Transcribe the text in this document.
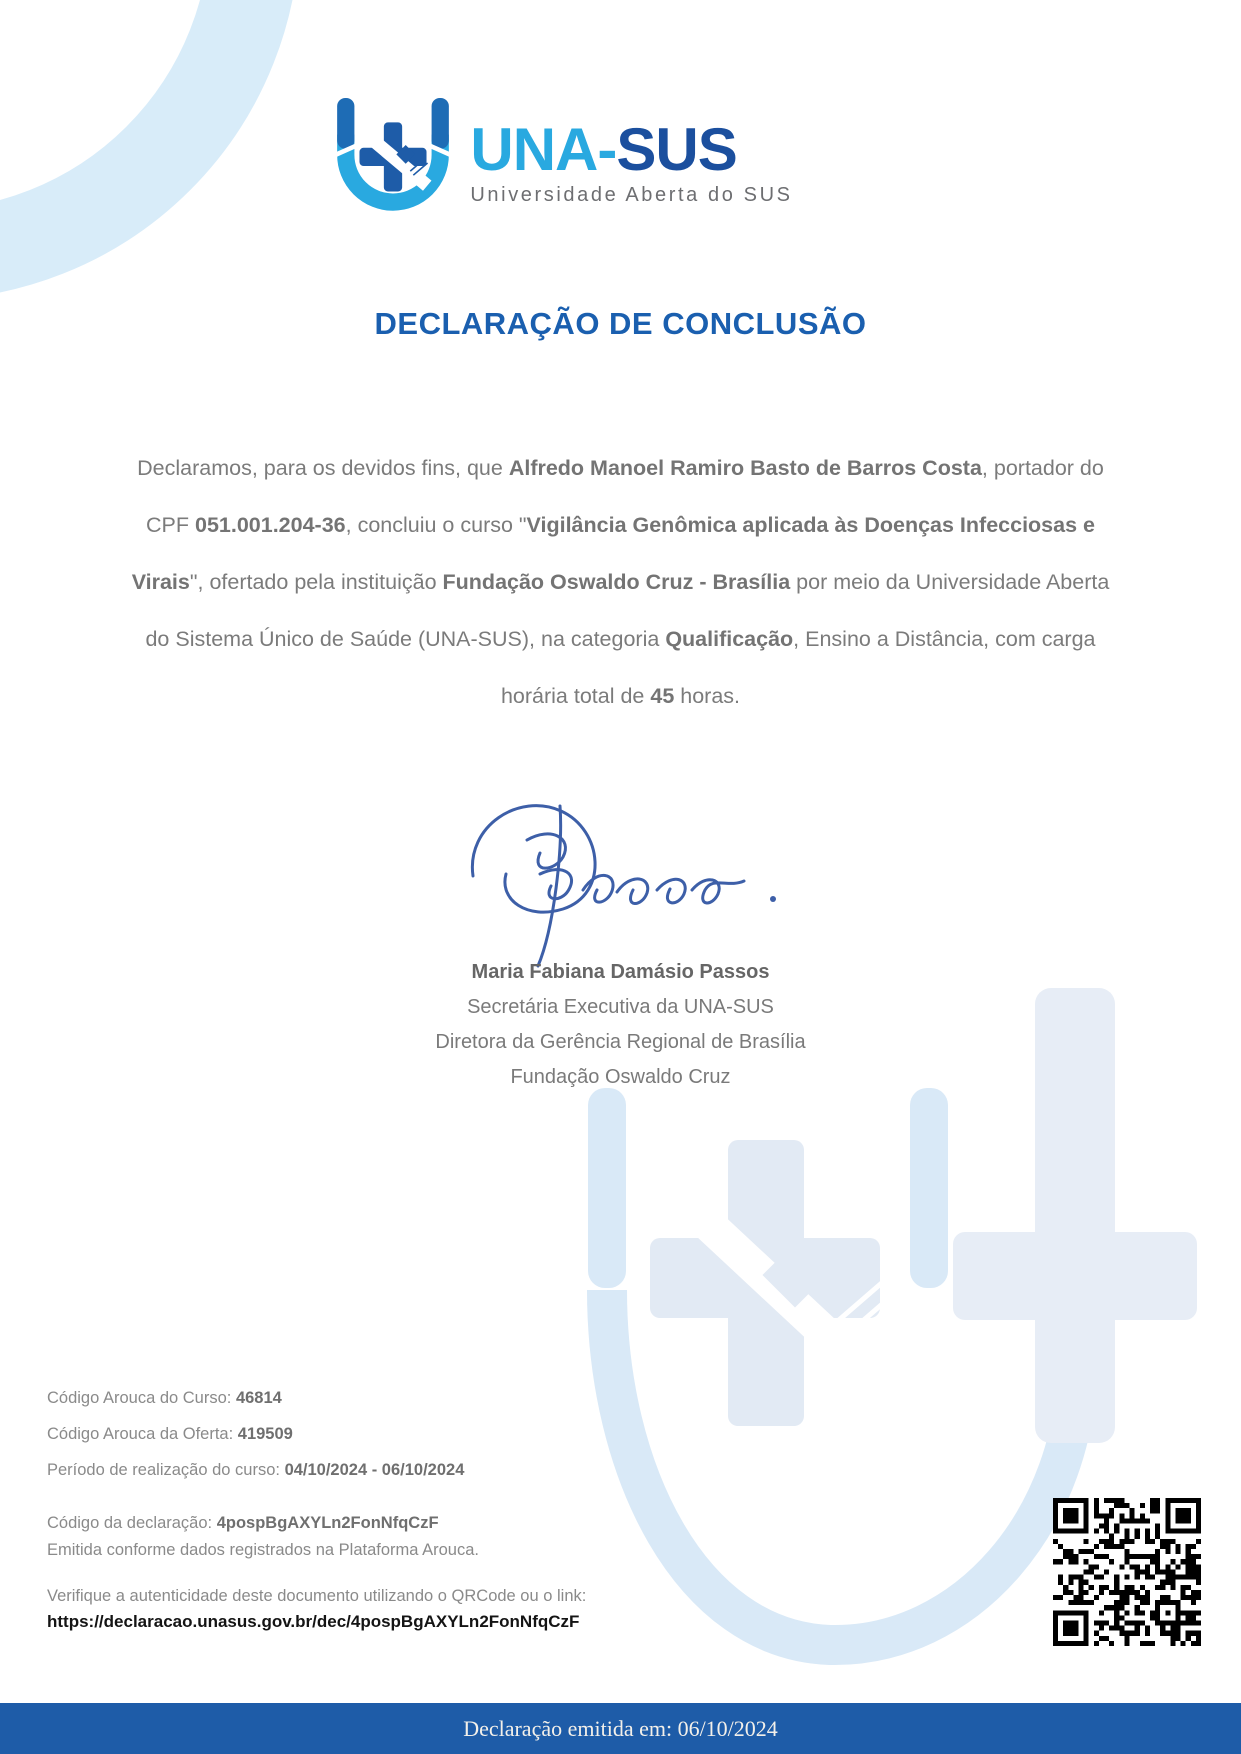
UNA-SUS
Universidade Aberta do SUS
DECLARAÇÃO DE CONCLUSÃO

Declaramos, para os devidos fins, que Alfredo Manoel Ramiro Basto de Barros Costa, portador do CPF 051.001.204-36, concluiu o curso "Vigilância Genômica aplicada às Doenças Infecciosas e Virais", ofertado pela instituição Fundação Oswaldo Cruz - Brasília por meio da Universidade Aberta do Sistema Único de Saúde (UNA-SUS), na categoria Qualificação, Ensino a Distância, com carga horária total de 45 horas.

Maria Fabiana Damásio Passos
Secretária Executiva da UNA-SUS
Diretora da Gerência Regional de Brasília
Fundação Oswaldo Cruz
Código Arouca do Curso: 46814
Código Arouca da Oferta: 419509
Período de realização do curso: 04/10/2024 - 06/10/2024
Código da declaração: 4pospBgAXYLn2FonNfqCzF
Emitida conforme dados registrados na Plataforma Arouca.
Verifique a autenticidade deste documento utilizando o QRCode ou o link:
https://declaracao.unasus.gov.br/dec/4pospBgAXYLn2FonNfqCzF
Declaração emitida em: 06/10/2024
